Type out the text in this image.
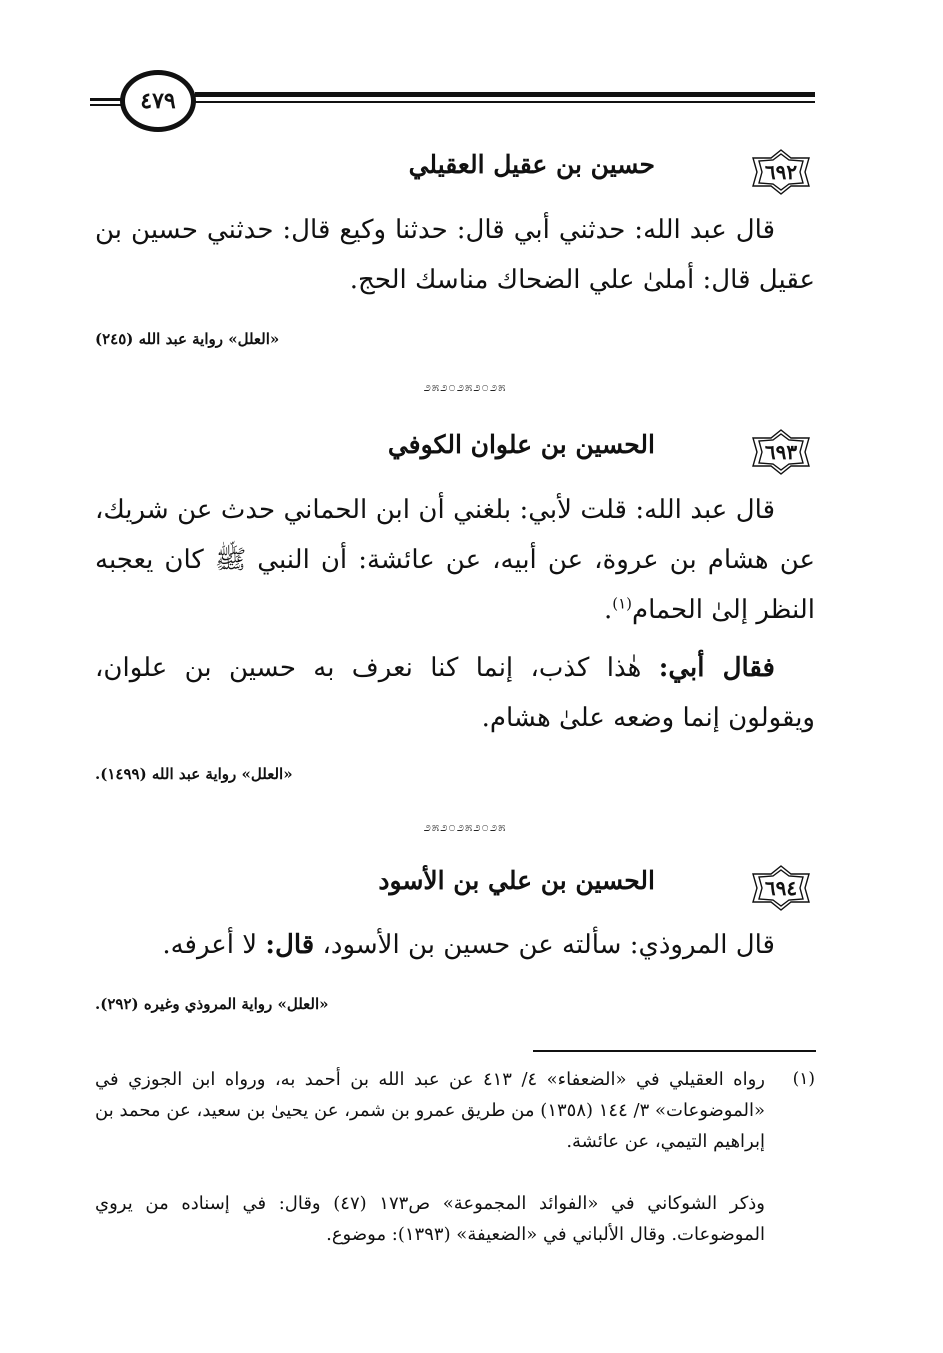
٤٧٩
٦٩٢
حسين بن عقيل العقيلي
قال عبد الله: حدثني أبي قال: حدثنا وكيع قال: حدثني حسين بن عقيل قال: أملىٰ علي الضحاك مناسك الحج.
«العلل» رواية عبد الله (٢٤٥)
೨೫೨೦೨೫೨೦೨೫
٦٩٣
الحسين بن علوان الكوفي
قال عبد الله: قلت لأبي: بلغني أن ابن الحماني حدث عن شريك، عن هشام بن عروة، عن أبيه، عن عائشة: أن النبي ﷺ كان يعجبه النظر إلىٰ الحمام$^{(١)}$.
فقال أبي: هٰذا كذب، إنما كنا نعرف به حسين بن علوان، ويقولون إنما وضعه علىٰ هشام.
«العلل» رواية عبد الله (١٤٩٩).
೨೫೨೦೨೫೨೦೨೫
٦٩٤
الحسين بن علي بن الأسود
قال المروذي: سألته عن حسين بن الأسود، قال: لا أعرفه.
«العلل» رواية المروذي وغيره (٢٩٢).
(١)
رواه العقيلي في «الضعفاء» ٤/ ٤١٣ عن عبد الله بن أحمد به، ورواه ابن الجوزي في «الموضوعات» ٣/ ١٤٤ (١٣٥٨) من طريق عمرو بن شمر، عن يحيىٰ بن سعيد، عن محمد بن إبراهيم التيمي، عن عائشة.
وذكر الشوكاني في «الفوائد المجموعة» ص١٧٣ (٤٧) وقال: في إسناده من يروي الموضوعات. وقال الألباني في «الضعيفة» (١٣٩٣): موضوع.
